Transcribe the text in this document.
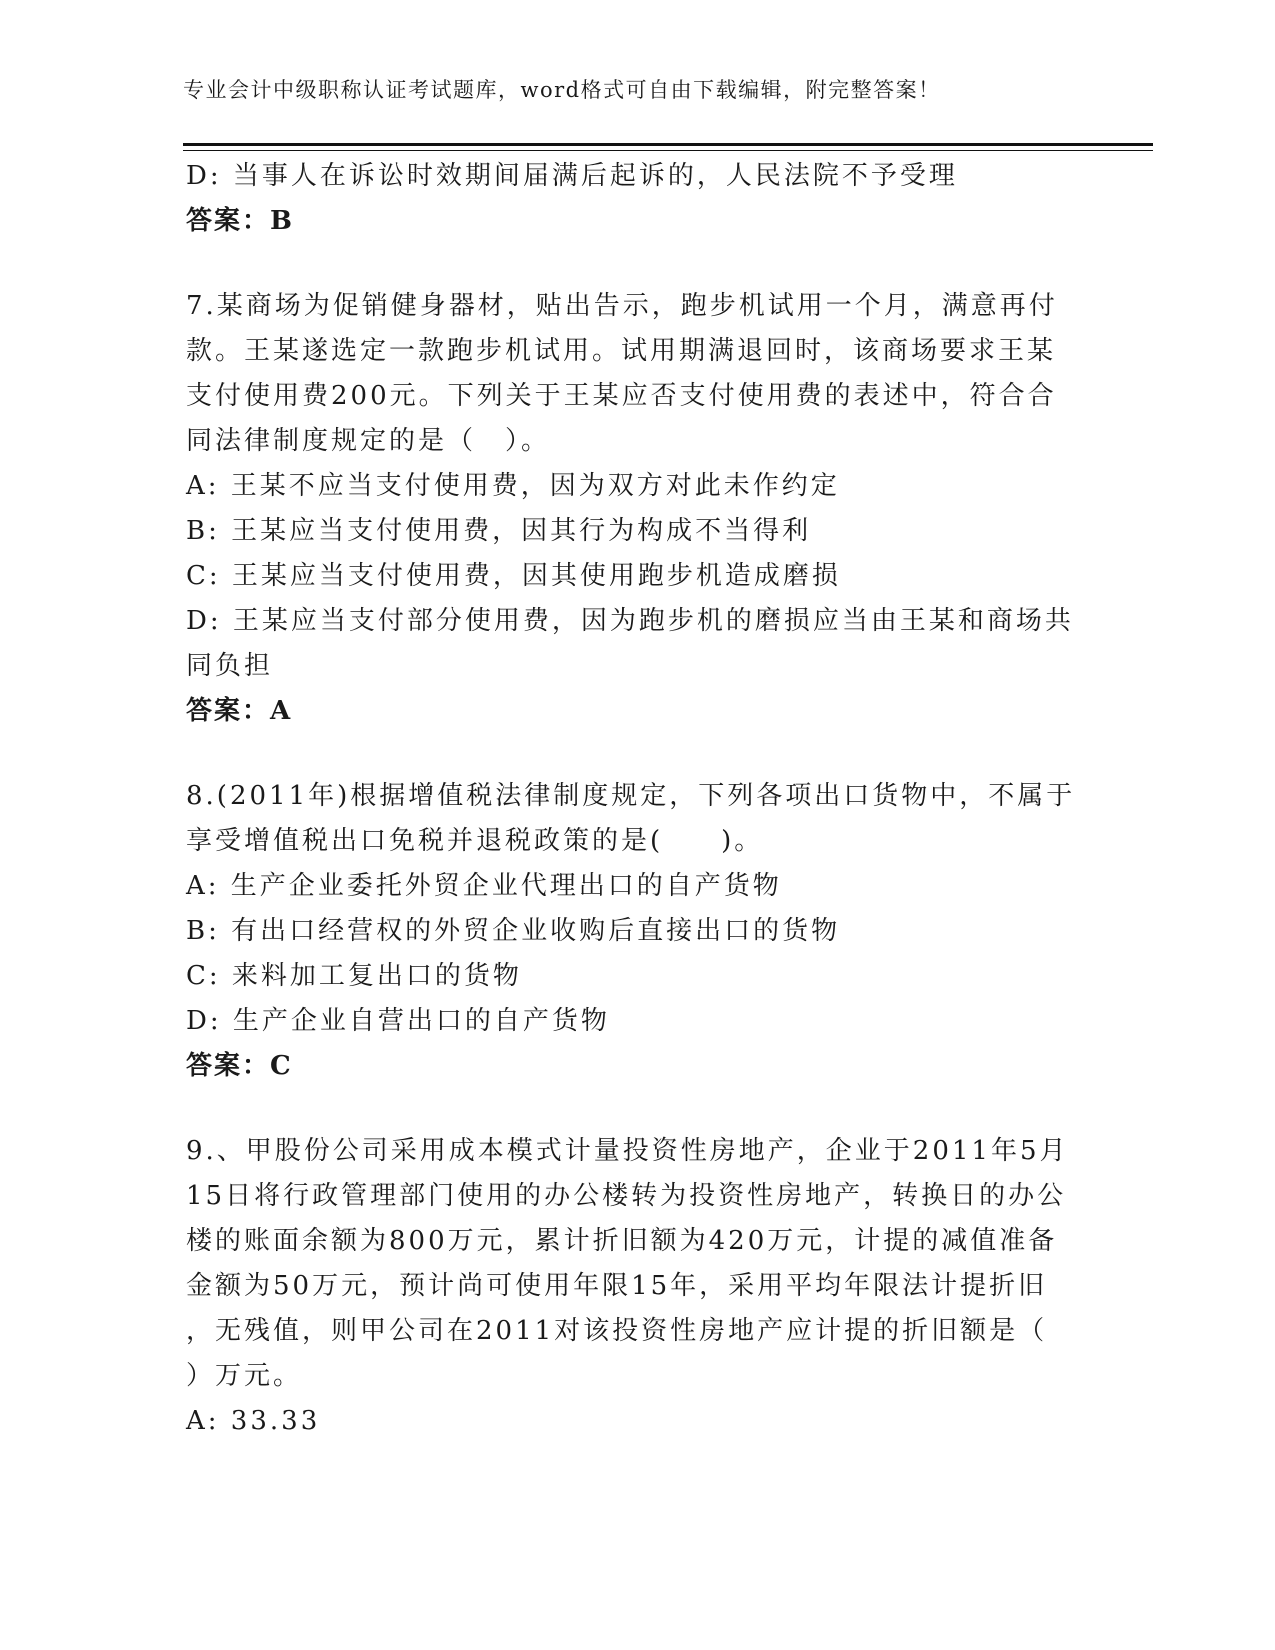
专业会计中级职称认证考试题库，word格式可自由下载编辑，附完整答案！
D: 当事人在诉讼时效期间届满后起诉的，人民法院不予受理
答案：B
7.某商场为促销健身器材，贴出告示，跑步机试用一个月，满意再付
款。王某遂选定一款跑步机试用。试用期满退回时，该商场要求王某
支付使用费200元。下列关于王某应否支付使用费的表述中，符合合
同法律制度规定的是（　）。
A: 王某不应当支付使用费，因为双方对此未作约定
B: 王某应当支付使用费，因其行为构成不当得利
C: 王某应当支付使用费，因其使用跑步机造成磨损
D: 王某应当支付部分使用费，因为跑步机的磨损应当由王某和商场共
同负担
答案：A
8.(2011年)根据增值税法律制度规定，下列各项出口货物中，不属于
享受增值税出口免税并退税政策的是(　　)。
A: 生产企业委托外贸企业代理出口的自产货物
B: 有出口经营权的外贸企业收购后直接出口的货物
C: 来料加工复出口的货物
D: 生产企业自营出口的自产货物
答案：C
9.、甲股份公司采用成本模式计量投资性房地产，企业于2011年5月
15日将行政管理部门使用的办公楼转为投资性房地产，转换日的办公
楼的账面余额为800万元，累计折旧额为420万元，计提的减值准备
金额为50万元，预计尚可使用年限15年，采用平均年限法计提折旧
，无残值，则甲公司在2011对该投资性房地产应计提的折旧额是（
）万元。
A: 33.33
